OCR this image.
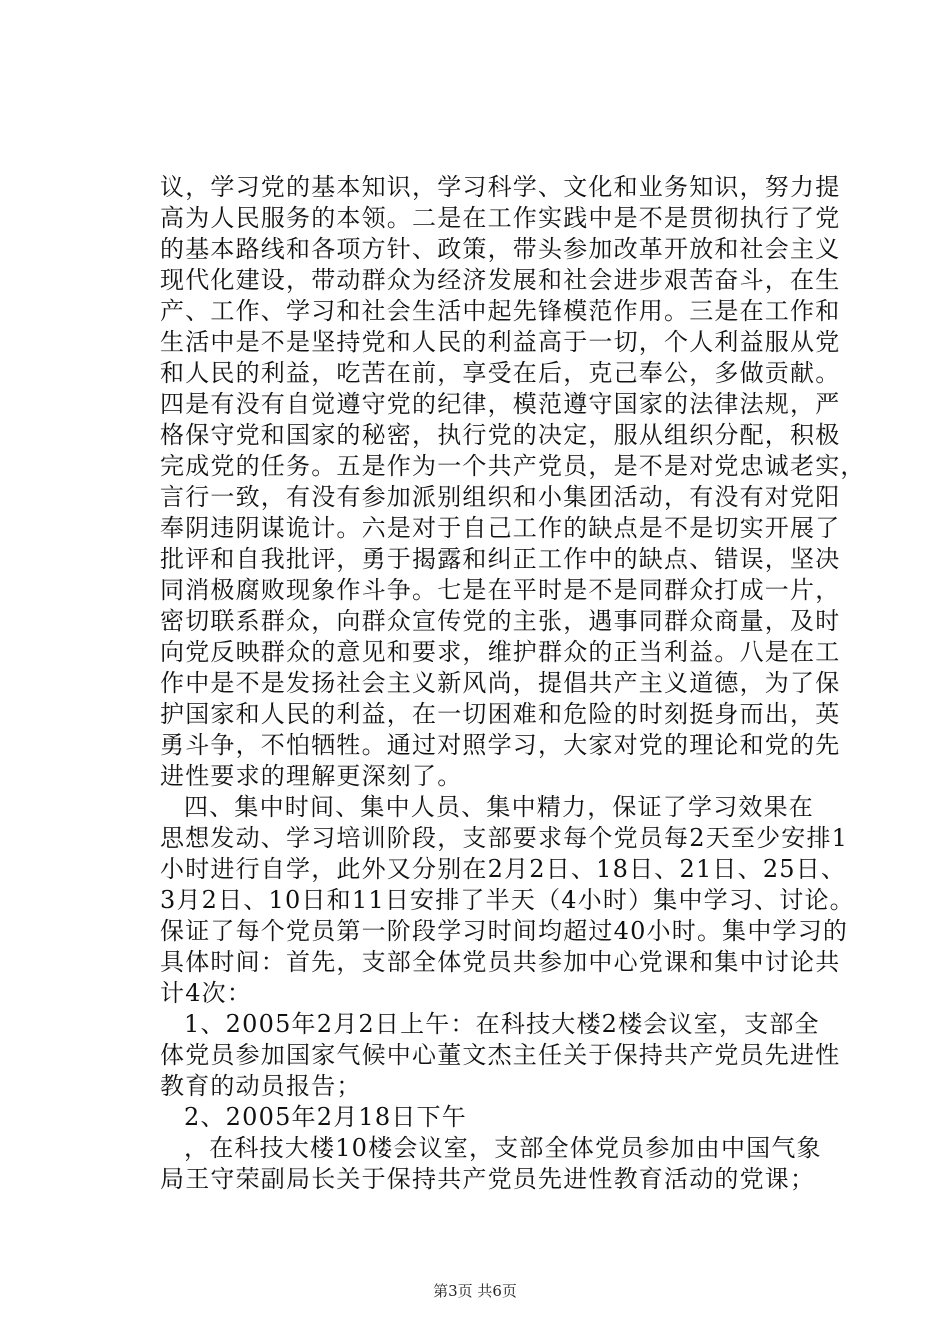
议，学习党的基本知识，学习科学、文化和业务知识，努力提
高为人民服务的本领。二是在工作实践中是不是贯彻执行了党
的基本路线和各项方针、政策，带头参加改革开放和社会主义
现代化建设，带动群众为经济发展和社会进步艰苦奋斗，在生
产、工作、学习和社会生活中起先锋模范作用。三是在工作和
生活中是不是坚持党和人民的利益高于一切，个人利益服从党
和人民的利益，吃苦在前，享受在后，克己奉公，多做贡献。
四是有没有自觉遵守党的纪律，模范遵守国家的法律法规，严
格保守党和国家的秘密，执行党的决定，服从组织分配，积极
完成党的任务。五是作为一个共产党员，是不是对党忠诚老实，
言行一致，有没有参加派别组织和小集团活动，有没有对党阳
奉阴违阴谋诡计。六是对于自己工作的缺点是不是切实开展了
批评和自我批评，勇于揭露和纠正工作中的缺点、错误，坚决
同消极腐败现象作斗争。七是在平时是不是同群众打成一片，
密切联系群众，向群众宣传党的主张，遇事同群众商量，及时
向党反映群众的意见和要求，维护群众的正当利益。八是在工
作中是不是发扬社会主义新风尚，提倡共产主义道德，为了保
护国家和人民的利益，在一切困难和危险的时刻挺身而出，英
勇斗争，不怕牺牲。通过对照学习，大家对党的理论和党的先
进性要求的理解更深刻了。
四、集中时间、集中人员、集中精力，保证了学习效果在
思想发动、学习培训阶段，支部要求每个党员每2天至少安排1
小时进行自学，此外又分别在2月2日、18日、21日、25日、
3月2日、10日和11日安排了半天（4小时）集中学习、讨论。
保证了每个党员第一阶段学习时间均超过40小时。集中学习的
具体时间：首先，支部全体党员共参加中心党课和集中讨论共
计4次：
1、2005年2月2日上午：在科技大楼2楼会议室，支部全
体党员参加国家气候中心董文杰主任关于保持共产党员先进性
教育的动员报告；
2、2005年2月18日下午
，在科技大楼10楼会议室，支部全体党员参加由中国气象
局王守荣副局长关于保持共产党员先进性教育活动的党课；
第3页 共6页
